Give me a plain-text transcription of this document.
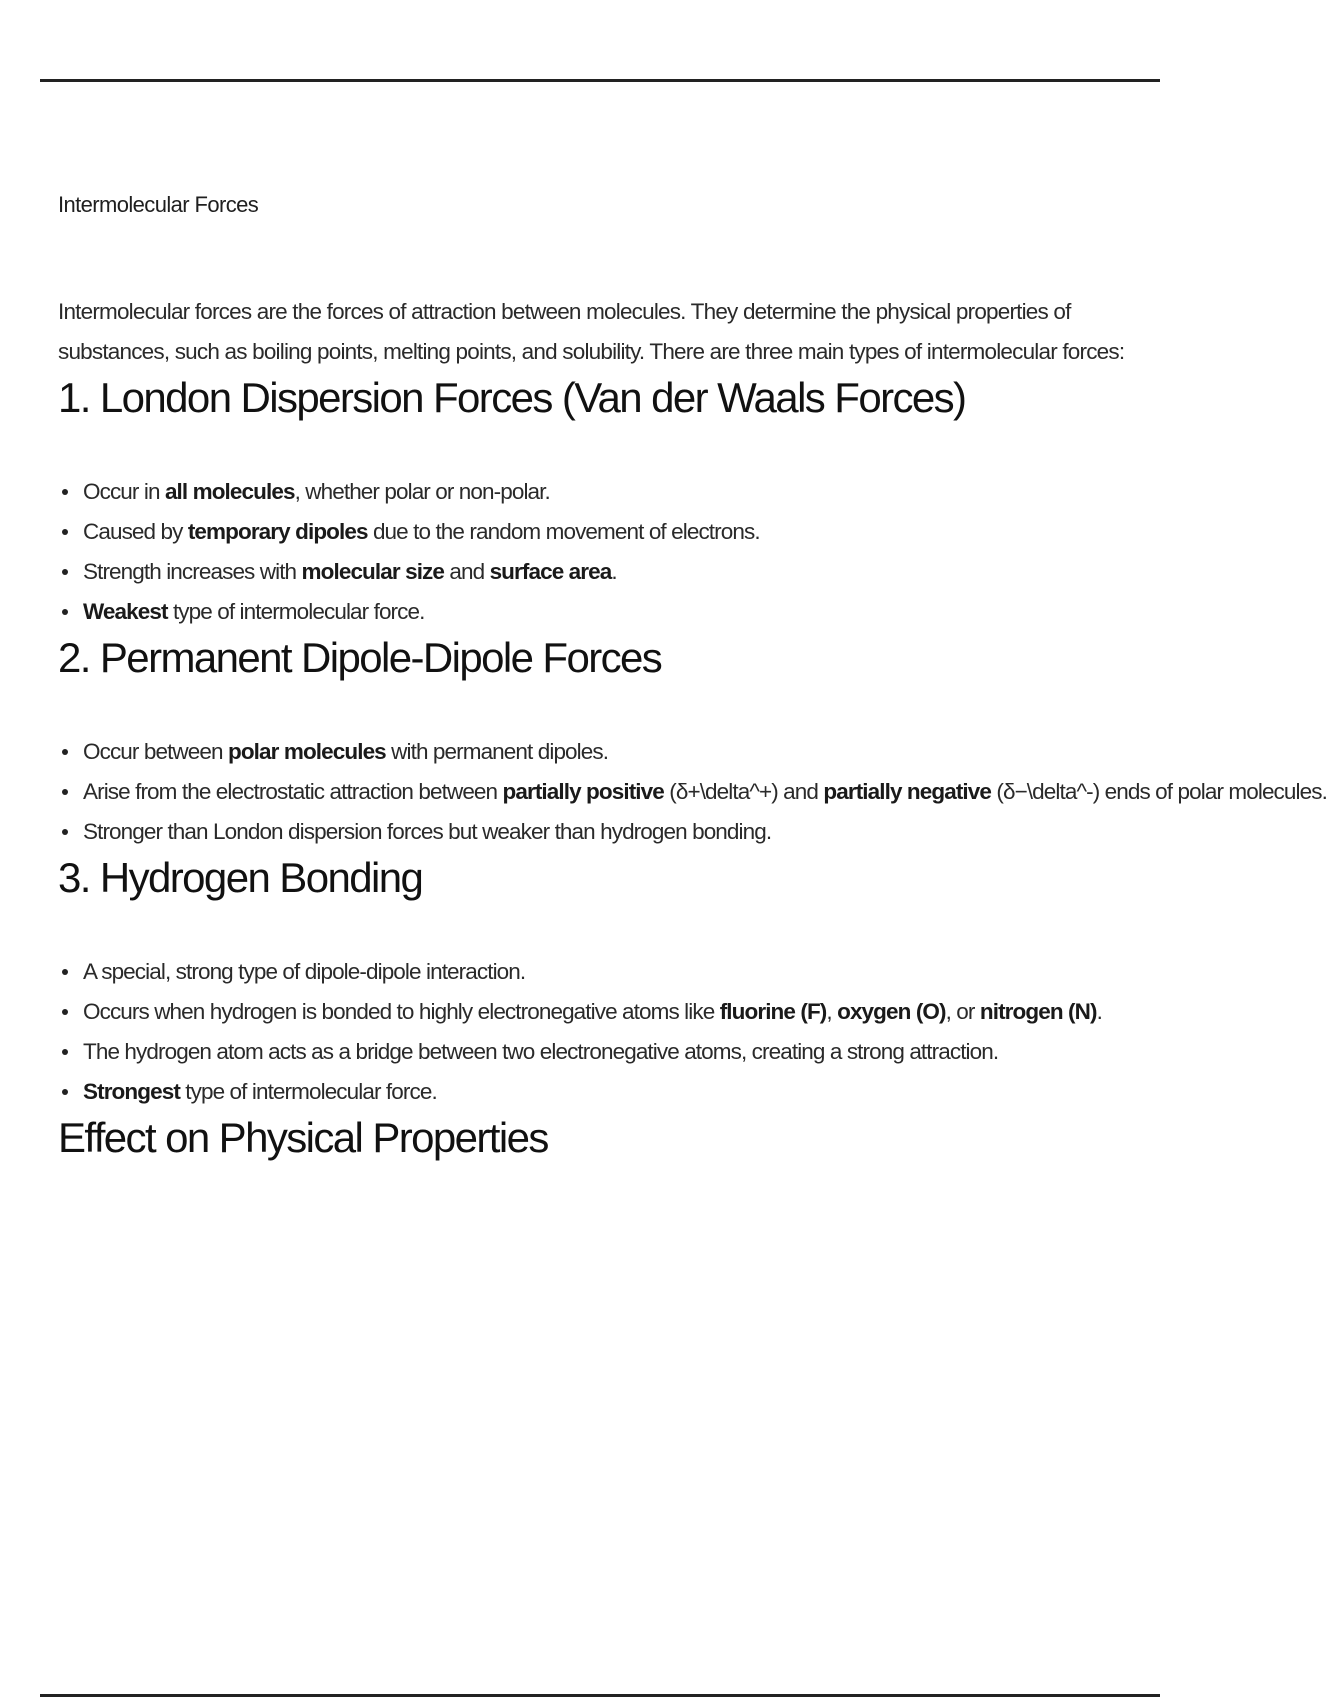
Intermolecular Forces

Intermolecular forces are the forces of attraction between molecules. They determine the physical properties of substances, such as boiling points, melting points, and solubility. There are three main types of intermolecular forces:

1. London Dispersion Forces (Van der Waals Forces)
Occur in all molecules, whether polar or non-polar.
Caused by temporary dipoles due to the random movement of electrons.
Strength increases with molecular size and surface area.
Weakest type of intermolecular force.
2. Permanent Dipole-Dipole Forces
Occur between polar molecules with permanent dipoles.
Arise from the electrostatic attraction between partially positive (δ+\delta^+) and partially negative (δ−\delta^-) ends of polar molecules.
Stronger than London dispersion forces but weaker than hydrogen bonding.
3. Hydrogen Bonding
A special, strong type of dipole-dipole interaction.
Occurs when hydrogen is bonded to highly electronegative atoms like fluorine (F), oxygen (O), or nitrogen (N).
The hydrogen atom acts as a bridge between two electronegative atoms, creating a strong attraction.
Strongest type of intermolecular force.
Effect on Physical Properties
